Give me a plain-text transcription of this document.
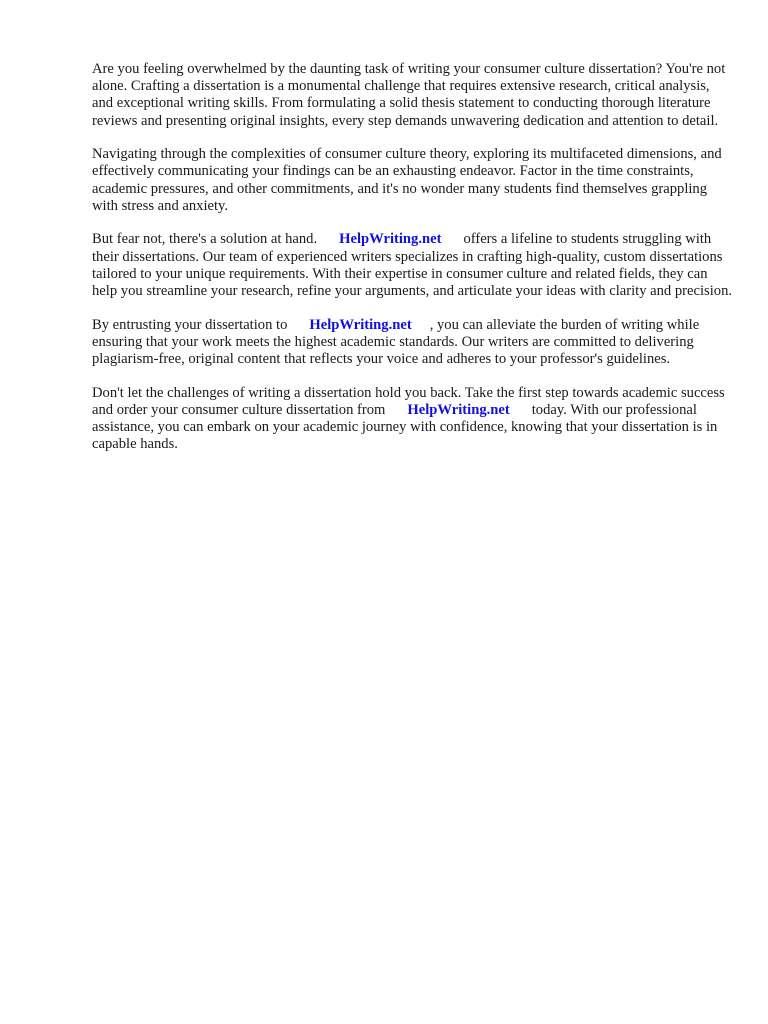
Are you feeling overwhelmed by the daunting task of writing your consumer culture dissertation? You're not alone. Crafting a dissertation is a monumental challenge that requires extensive research, critical analysis, and exceptional writing skills. From formulating a solid thesis statement to conducting thorough literature reviews and presenting original insights, every step demands unwavering dedication and attention to detail.

Navigating through the complexities of consumer culture theory, exploring its multifaceted dimensions, and effectively communicating your findings can be an exhausting endeavor. Factor in the time constraints, academic pressures, and other commitments, and it's no wonder many students find themselves grappling with stress and anxiety.

But fear not, there's a solution at hand. HelpWriting.net offers a lifeline to students struggling with their dissertations. Our team of experienced writers specializes in crafting high-quality, custom dissertations tailored to your unique requirements. With their expertise in consumer culture and related fields, they can help you streamline your research, refine your arguments, and articulate your ideas with clarity and precision.

By entrusting your dissertation to HelpWriting.net , you can alleviate the burden of writing while ensuring that your work meets the highest academic standards. Our writers are committed to delivering plagiarism-free, original content that reflects your voice and adheres to your professor's guidelines.

Don't let the challenges of writing a dissertation hold you back. Take the first step towards academic success and order your consumer culture dissertation from HelpWriting.net today. With our professional assistance, you can embark on your academic journey with confidence, knowing that your dissertation is in capable hands.
